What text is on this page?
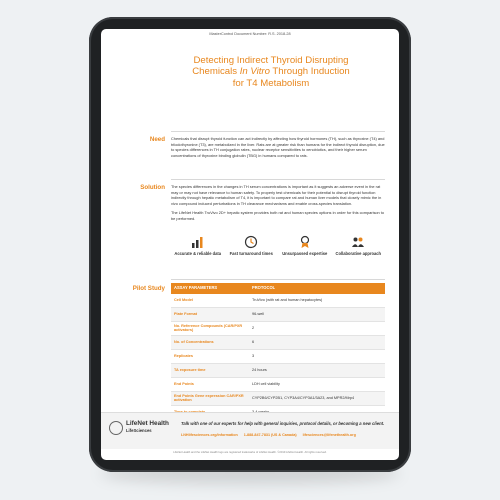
MasterControl Document Number: R.S. 2018-28
Detecting Indirect Thyroid Disrupting
Chemicals In Vitro Through Induction
for T4 Metabolism
Need Chemicals that disrupt thyroid function can act indirectly by affecting how thyroid hormones (TH), such as thyroxine (T4) and triiodothyronine (T3), are metabolized in the liver. Rats are at greater risk than humans for the indirect thyroid disruption, due to species differences in TH conjugation rates, nuclear receptor sensitivities to xenobiotics, and their higher serum concentrations of thyroxine binding globulin (TBG) in humans compared to rats.

Solution The species differences in the changes in TH serum concentrations is important as it suggests an adverse event in the rat may or may not have relevance to human safety. To properly test chemicals for their potential to disrupt thyroid function indirectly through hepatic metabolism of T4, it is important to compare rat and human liver models that closely mimic the in vivo compound induced perturbations in TH clearance mechanisms and enable cross-species translation.

The LifeNet Health TruVivo 2D+ hepatic system provides both rat and human species options in order for this comparison to be performed.

Accurate & reliable data	Fast turnaround times	Unsurpassed expertise	Collaborative approach
Pilot Study ASSAY PARAMETERS	PROTOCOL
Cell Model	TruVivo (with rat and human hepatocytes)
Plate Format	96-well
No. Reference Compounds (CAR/PXR activators)	2
No. of Concentrations	6
Replicates	3
TA exposure time	24 hours
End Points	LDH cell viability
End Points Gene expression CAR/PXR activation	CYP2B6/CYP2B1, CYP3A4/CYP3A1/3A23, and MPR2/Mrp4

LifeNet Health
LifeSciences
Talk with one of our experts for help with general inquiries, protocol details, or becoming a new client.
LNHlifesciences.org/information 1-888-847-7831 (US & Canada) lifesciences@lifenethealth.org
LifeNet Health and the LifeNet Health logo are registered trademarks of LifeNet Health. ©2019 LifeNet Health. All rights reserved.
